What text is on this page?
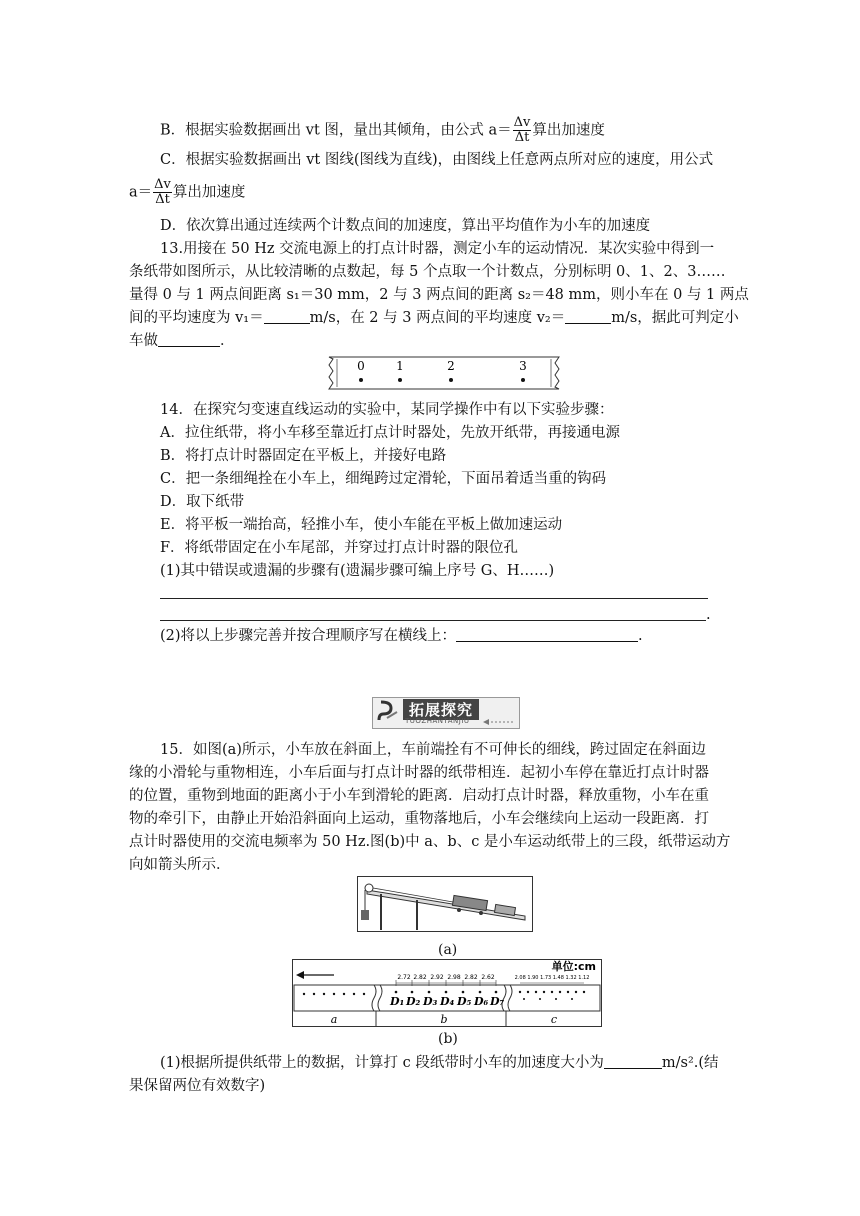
B．根据实验数据画出 vt 图，量出其倾角，由公式 $a= \frac{\Delta v}{\Delta t}$ 算出加速度
C．根据实验数据画出 vt 图线(图线为直线)，由图线上任意两点所对应的速度，用公式
$a= \frac{\Delta v}{\Delta t}$ 算出加速度
D．依次算出通过连续两个计数点间的加速度，算出平均值作为小车的加速度
13.用接在 50 Hz 交流电源上的打点计时器，测定小车的运动情况．某次实验中得到一
条纸带如图所示，从比较清晰的点数起，每 5 个点取一个计数点，分别标明 0、1、2、3……
量得 0 与 1 两点间距离 s₁＝30 mm，2 与 3 两点间的距离 s₂＝48 mm，则小车在 0 与 1 两点
间的平均速度为 v₁＝	m/s，在 2 与 3 两点间的平均速度 v₂＝	m/s，据此可判定小
车做	．
0	1	2	3
14．在探究匀变速直线运动的实验中，某同学操作中有以下实验步骤：
A．拉住纸带，将小车移至靠近打点计时器处，先放开纸带，再接通电源
B．将打点计时器固定在平板上，并接好电路
C．把一条细绳拴在小车上，细绳跨过定滑轮，下面吊着适当重的钩码
D．取下纸带
E．将平板一端抬高，轻推小车，使小车能在平板上做加速运动
F．将纸带固定在小车尾部，并穿过打点计时器的限位孔
(1)其中错误或遗漏的步骤有(遗漏步骤可编上序号 G、H……)
.
(2)将以上步骤完善并按合理顺序写在横线上：	.
拓展探究
TUOZHANTANJIU
15．如图(a)所示，小车放在斜面上，车前端拴有不可伸长的细线，跨过固定在斜面边
缘的小滑轮与重物相连，小车后面与打点计时器的纸带相连．起初小车停在靠近打点计时器
的位置，重物到地面的距离小于小车到滑轮的距离．启动打点计时器，释放重物，小车在重
物的牵引下，由静止开始沿斜面向上运动，重物落地后，小车会继续向上运动一段距离．打
点计时器使用的交流电频率为 50 Hz.图(b)中 a、b、c 是小车运动纸带上的三段，纸带运动方
向如箭头所示．
(a)
2.72 2.82 2.92 2.98 2.82 2.62
D₁ D₂ D₃ D₄ D₅ D₆ D₇
2.08 1.90 1.73 1.48 1.32 1.12
单位:cm
a	b	c
(b)
(1)根据所提供纸带上的数据，计算打 c 段纸带时小车的加速度大小为	m/s².(结
果保留两位有效数字)
